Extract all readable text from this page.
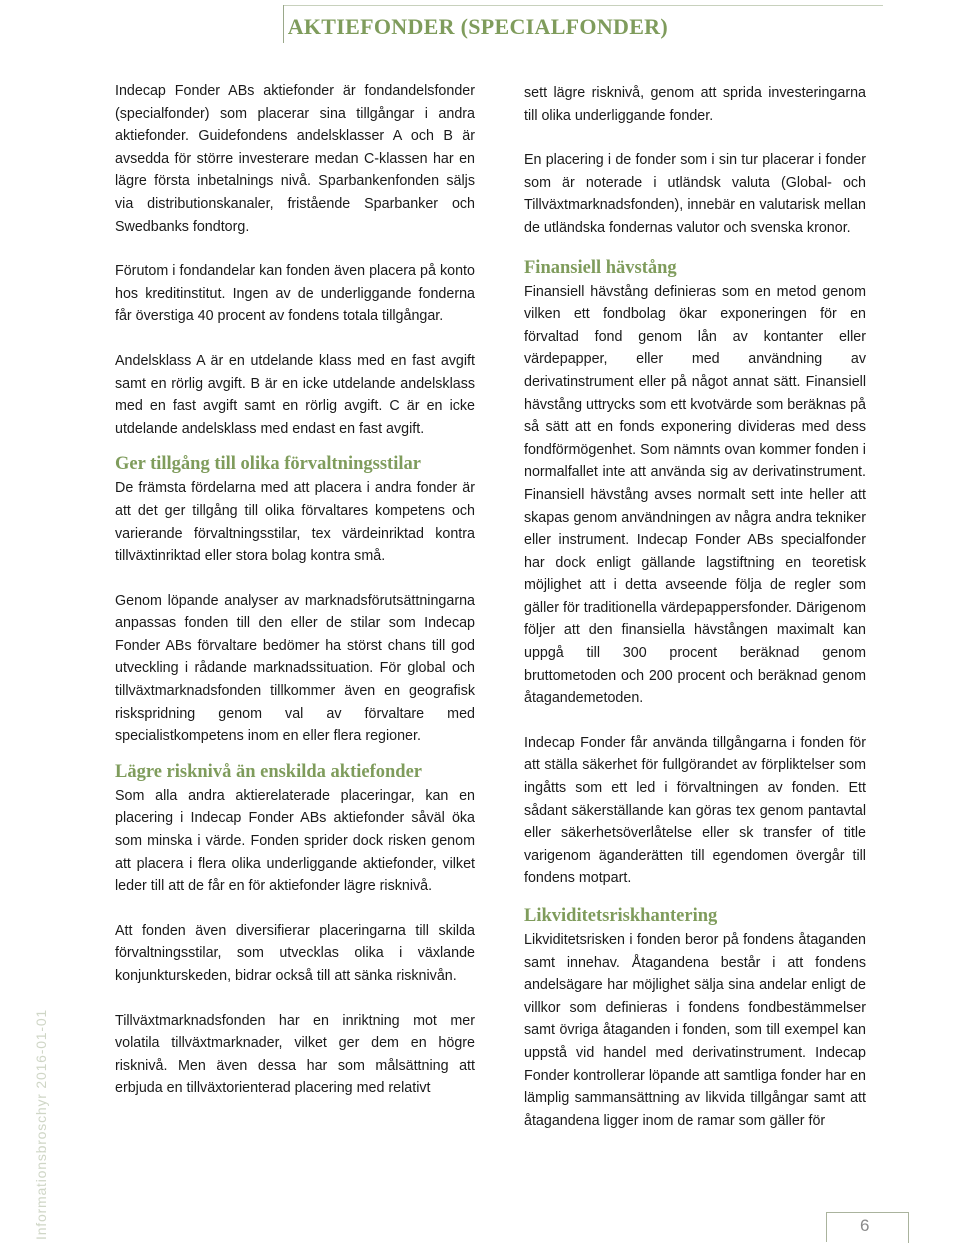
AKTIEFONDER (SPECIALFONDER)
Informationsbroschyr 2016-01-01

Indecap Fonder ABs aktiefonder är fondandelsfonder (specialfonder) som placerar sina tillgångar i andra aktiefonder. Guidefondens andelsklasser A och B är avsedda för större investerare medan C-klassen har en lägre första inbetalnings nivå. Sparbankenfonden säljs via distributionskanaler, fristående Sparbanker och Swedbanks fondtorg.

Förutom i fondandelar kan fonden även placera på konto hos kreditinstitut. Ingen av de underliggande fonderna får överstiga 40 procent av fondens totala tillgångar.

Andelsklass A är en utdelande klass med en fast avgift samt en rörlig avgift. B är en icke utdelande andelsklass med en fast avgift samt en rörlig avgift. C är en icke utdelande andelsklass med endast en fast avgift.

Ger tillgång till olika förvaltningsstilar

De främsta fördelarna med att placera i andra fonder är att det ger tillgång till olika förvaltares kompetens och varierande förvaltningsstilar, tex värdeinriktad kontra tillväxtinriktad eller stora bolag kontra små.

Genom löpande analyser av marknadsförutsättningarna anpassas fonden till den eller de stilar som Indecap Fonder ABs förvaltare bedömer ha störst chans till god utveckling i rådande marknadssituation. För global och tillväxtmarknadsfonden tillkommer även en geografisk riskspridning genom val av förvaltare med specialistkompetens inom en eller flera regioner.

Lägre risknivå än enskilda aktiefonder

Som alla andra aktierelaterade placeringar, kan en placering i Indecap Fonder ABs aktiefonder såväl öka som minska i värde. Fonden sprider dock risken genom att placera i flera olika underliggande aktiefonder, vilket leder till att de får en för aktiefonder lägre risknivå.

Att fonden även diversifierar placeringarna till skilda förvaltningsstilar, som utvecklas olika i växlande konjunkturskeden, bidrar också till att sänka risknivån.

Tillväxtmarknadsfonden har en inriktning mot mer volatila tillväxtmarknader, vilket ger dem en högre risknivå. Men även dessa har som målsättning att erbjuda en tillväxtorienterad placering med relativt

sett lägre risknivå, genom att sprida investeringarna till olika underliggande fonder.

En placering i de fonder som i sin tur placerar i fonder som är noterade i utländsk valuta (Global- och Tillväxtmarknadsfonden), innebär en valutarisk mellan de utländska fondernas valutor och svenska kronor.

Finansiell hävstång

Finansiell hävstång definieras som en metod genom vilken ett fondbolag ökar exponeringen för en förvaltad fond genom lån av kontanter eller värdepapper, eller med användning av derivatinstrument eller på något annat sätt. Finansiell hävstång uttrycks som ett kvotvärde som beräknas på så sätt att en fonds exponering divideras med dess fondförmögenhet. Som nämnts ovan kommer fonden i normalfallet inte att använda sig av derivatinstrument. Finansiell hävstång avses normalt sett inte heller att skapas genom användningen av några andra tekniker eller instrument. Indecap Fonder ABs specialfonder har dock enligt gällande lagstiftning en teoretisk möjlighet att i detta avseende följa de regler som gäller för traditionella värdepappersfonder. Därigenom följer att den finansiella hävstången maximalt kan uppgå till 300 procent beräknad genom bruttometoden och 200 procent och beräknad genom åtagandemetoden.

Indecap Fonder får använda tillgångarna i fonden för att ställa säkerhet för fullgörandet av förpliktelser som ingåtts som ett led i förvaltningen av fonden. Ett sådant säkerställande kan göras tex genom pantavtal eller säkerhetsöverlåtelse eller sk transfer of title varigenom äganderätten till egendomen övergår till fondens motpart.

Likviditetsriskhantering

Likviditetsrisken i fonden beror på fondens åtaganden samt innehav. Åtagandena består i att fondens andelsägare har möjlighet sälja sina andelar enligt de villkor som definieras i fondens fondbestämmelser samt övriga åtaganden i fonden, som till exempel kan uppstå vid handel med derivatinstrument. Indecap Fonder kontrollerar löpande att samtliga fonder har en lämplig sammansättning av likvida tillgångar samt att åtagandena ligger inom de ramar som gäller för

6
